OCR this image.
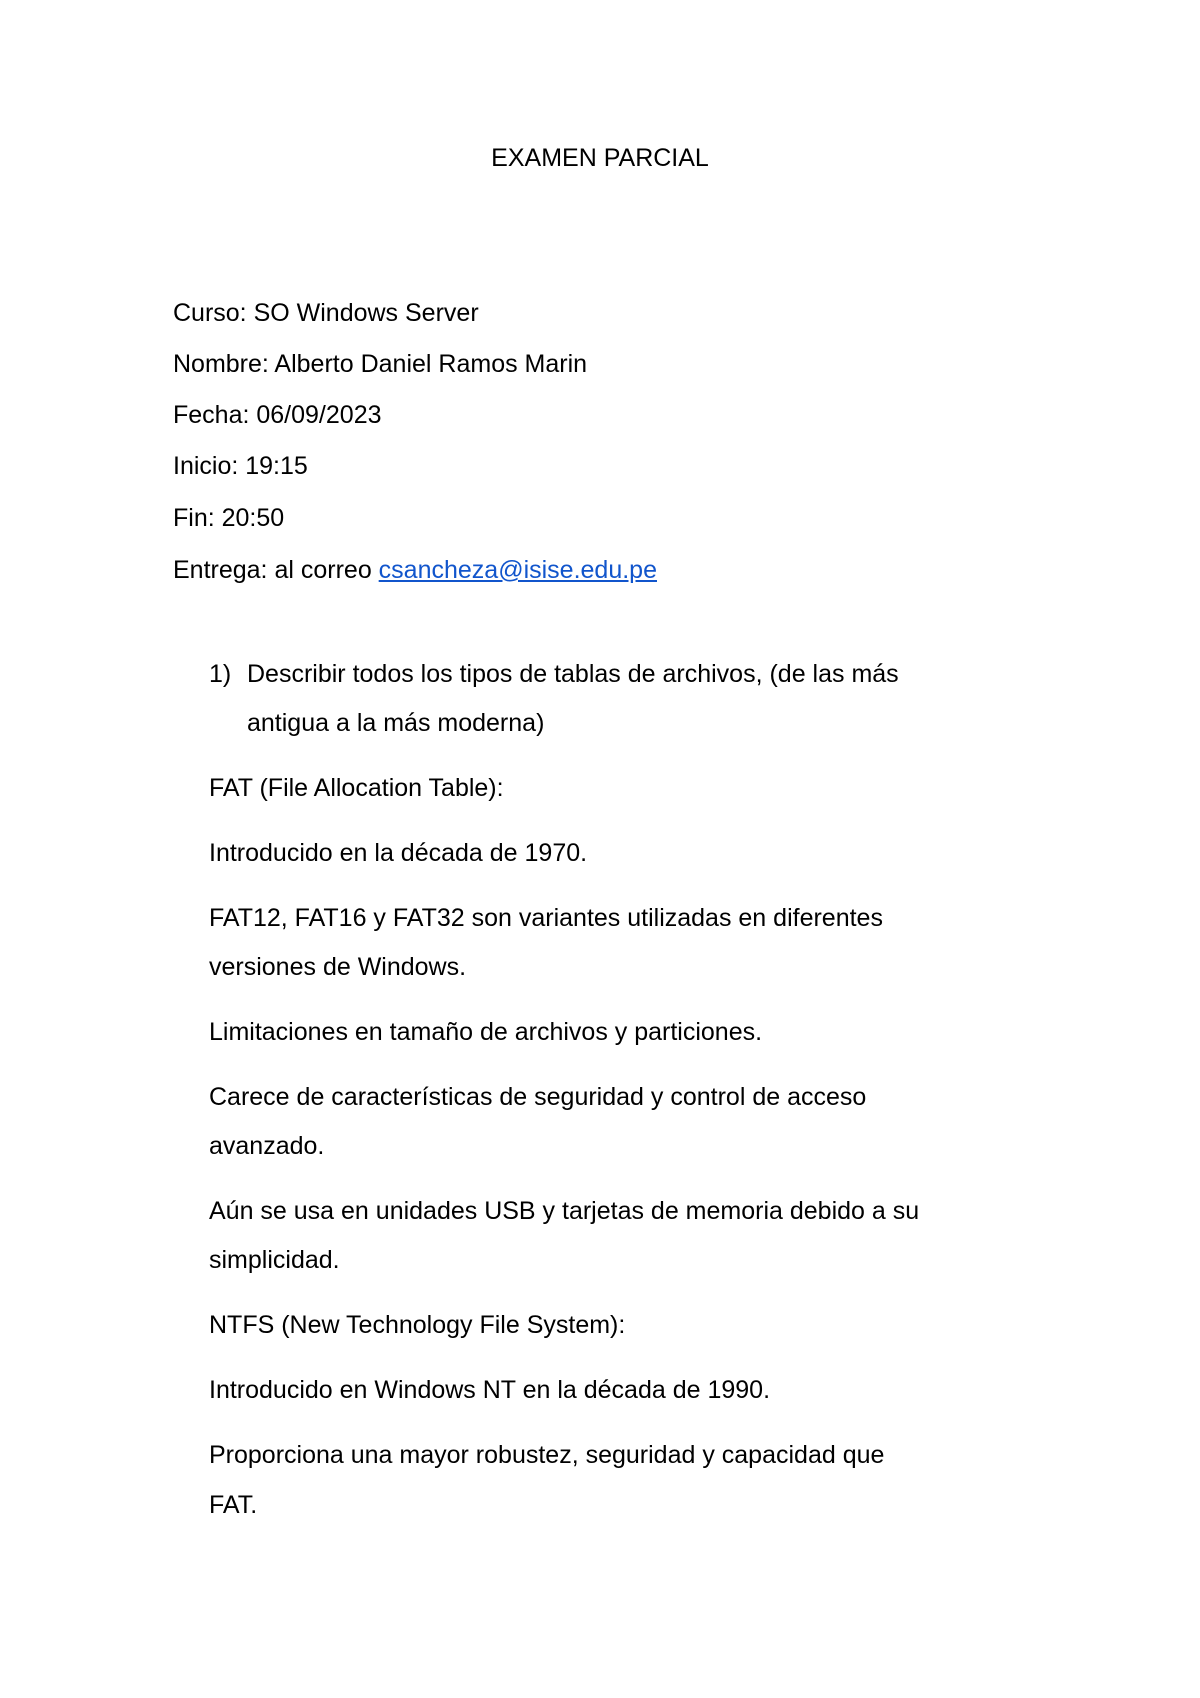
EXAMEN PARCIAL
Curso: SO Windows Server
Nombre: Alberto Daniel Ramos Marin
Fecha: 06/09/2023
Inicio: 19:15
Fin: 20:50
Entrega: al correo csancheza@isise.edu.pe
1) Describir todos los tipos de tablas de archivos, (de las más
antigua a la más moderna)
FAT (File Allocation Table):
Introducido en la década de 1970.
FAT12, FAT16 y FAT32 son variantes utilizadas en diferentes
versiones de Windows.
Limitaciones en tamaño de archivos y particiones.
Carece de características de seguridad y control de acceso
avanzado.
Aún se usa en unidades USB y tarjetas de memoria debido a su
simplicidad.
NTFS (New Technology File System):
Introducido en Windows NT en la década de 1990.
Proporciona una mayor robustez, seguridad y capacidad que
FAT.
